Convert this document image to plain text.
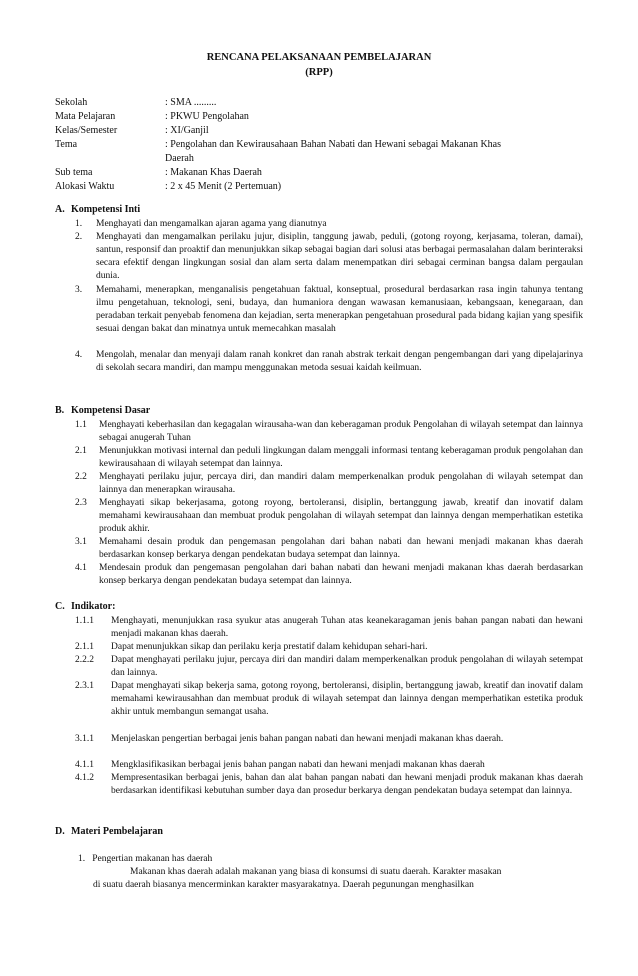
RENCANA PELAKSANAAN PEMBELAJARAN
(RPP)
Sekolah	: SMA .........
Mata Pelajaran	: PKWU Pengolahan
Kelas/Semester	: XI/Ganjil
Tema	: Pengolahan dan Kewirausahaan Bahan Nabati dan Hewani sebagai Makanan Khas
Daerah
Sub tema	: Makanan Khas Daerah
Alokasi Waktu	: 2 x 45 Menit (2 Pertemuan)
A. Kompetensi Inti
1. Menghayati dan mengamalkan ajaran agama yang dianutnya
2. Menghayati dan mengamalkan perilaku jujur, disiplin, tanggung jawab, peduli, (gotong royong, kerjasama, toleran, damai), santun, responsif dan proaktif dan menunjukkan sikap sebagai bagian dari solusi atas berbagai permasalahan dalam berinteraksi secara efektif dengan lingkungan sosial dan alam serta dalam menempatkan diri sebagai cerminan bangsa dalam pergaulan dunia.
3. Memahami, menerapkan, menganalisis pengetahuan faktual, konseptual, prosedural berdasarkan rasa ingin tahunya tentang ilmu pengetahuan, teknologi, seni, budaya, dan humaniora dengan wawasan kemanusiaan, kebangsaan, kenegaraan, dan peradaban terkait penyebab fenomena dan kejadian, serta menerapkan pengetahuan prosedural pada bidang kajian yang spesifik sesuai dengan bakat dan minatnya untuk memecahkan masalah
4. Mengolah, menalar dan menyaji dalam ranah konkret dan ranah abstrak terkait dengan pengembangan dari yang dipelajarinya di sekolah secara mandiri, dan mampu menggunakan metoda sesuai kaidah keilmuan.
B. Kompetensi Dasar
1.1 Menghayati keberhasilan dan kegagalan wirausaha-wan dan keberagaman produk Pengolahan di wilayah setempat dan lainnya sebagai anugerah Tuhan
2.1 Menunjukkan motivasi internal dan peduli lingkungan dalam menggali informasi tentang keberagaman produk pengolahan dan kewirausahaan di wilayah setempat dan lainnya.
2.2 Menghayati perilaku jujur, percaya diri, dan mandiri dalam memperkenalkan produk pengolahan di wilayah setempat dan lainnya dan menerapkan wirausaha.
2.3 Menghayati sikap bekerjasama, gotong royong, bertoleransi, disiplin, bertanggung jawab, kreatif dan inovatif dalam memahami kewirausahaan dan membuat produk pengolahan di wilayah setempat dan lainnya dengan memperhatikan estetika produk akhir.
3.1 Memahami desain produk dan pengemasan pengolahan dari bahan nabati dan hewani menjadi makanan khas daerah berdasarkan konsep berkarya dengan pendekatan budaya setempat dan lainnya.
4.1 Mendesain produk dan pengemasan pengolahan dari bahan nabati dan hewani menjadi makanan khas daerah berdasarkan konsep berkarya dengan pendekatan budaya setempat dan lainnya.
C. Indikator:
1.1.1 Menghayati, menunjukkan rasa syukur atas anugerah Tuhan atas keanekaragaman jenis bahan pangan nabati dan hewani menjadi makanan khas daerah.
2.1.1 Dapat menunjukkan sikap dan perilaku kerja prestatif dalam kehidupan sehari-hari.
2.2.2 Dapat menghayati perilaku jujur, percaya diri dan mandiri dalam memperkenalkan produk pengolahan di wilayah setempat dan lainnya.
2.3.1 Dapat menghayati sikap bekerja sama, gotong royong, bertoleransi, disiplin, bertanggung jawab, kreatif dan inovatif dalam memahami kewirausahhan dan membuat produk di wilayah setempat dan lainnya dengan memperhatikan estetika produk akhir untuk membangun semangat usaha.
3.1.1 Menjelaskan pengertian berbagai jenis bahan pangan nabati dan hewani menjadi makanan khas daerah.
4.1.1 Mengklasifikasikan berbagai jenis bahan pangan nabati dan hewani menjadi makanan khas daerah
4.1.2 Mempresentasikan berbagai jenis, bahan dan alat bahan pangan nabati dan hewani menjadi produk makanan khas daerah berdasarkan identifikasi kebutuhan sumber daya dan prosedur berkarya dengan pendekatan budaya setempat dan lainnya.
D. Materi Pembelajaran
1.   Pengertian makanan has daerah
Makanan khas daerah adalah makanan yang biasa di konsumsi di suatu daerah. Karakter masakan
di suatu daerah biasanya mencerminkan karakter masyarakatnya. Daerah pegunungan menghasilkan
